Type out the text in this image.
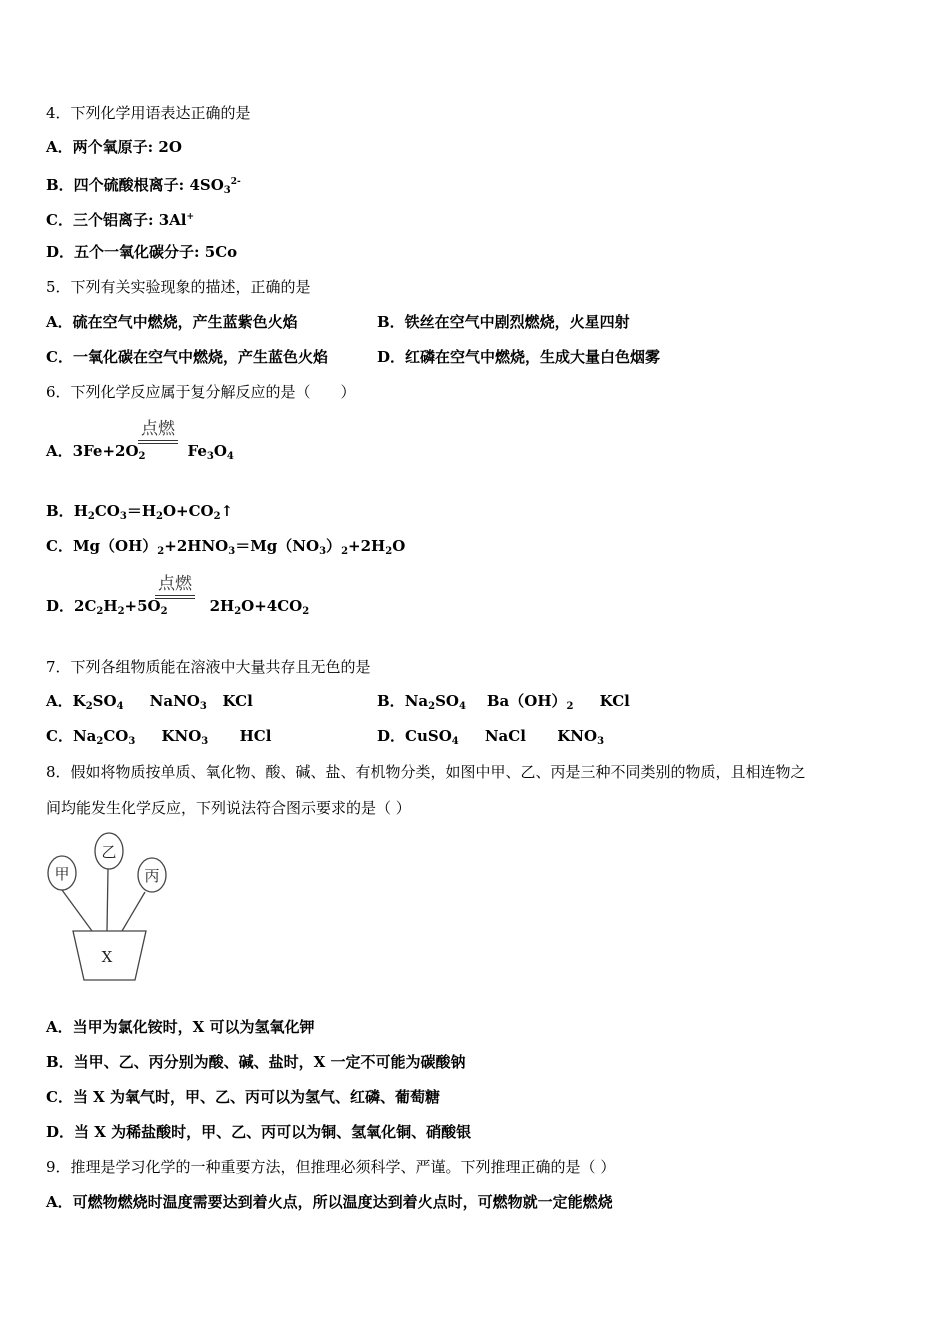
4．下列化学用语表达正确的是
A．两个氧原子: 2O
B．四个硫酸根离子: $4SO_3^{2-}$
C．三个铝离子: 3Al+
D．五个一氧化碳分子: 5Co
5．下列有关实验现象的描述，正确的是
A．硫在空气中燃烧，产生蓝紫色火焰	B．铁丝在空气中剧烈燃烧，火星四射
C．一氧化碳在空气中燃烧，产生蓝色火焰	D．红磷在空气中燃烧，生成大量白色烟雾
6．下列化学反应属于复分解反应的是（　　）
点燃
A．$3Fe+2O_2$	$Fe_3O_4$
B．$H_2CO_3=H_2O+CO_2↑$
C．$Mg(OH)_2+2HNO_3=Mg(NO_3)_2+2H_2O$
点燃
D．$2C_2H_2+5O_2$	$2H_2O+4CO_2$
7．下列各组物质能在溶液中大量共存且无色的是
A．$K_2SO_4$     NaNO$_3$   KCl	B．$Na_2SO_4$    $Ba(OH)_2$     KCl
C．$Na_2CO_3$     $KNO_3$      HCl	D．CuSO$_4$     NaCl      $KNO_3$
8．假如将物质按单质、氧化物、酸、碱、盐、有机物分类，如图中甲、乙、丙是三种不同类别的物质，且相连物之
间均能发生化学反应，下列说法符合图示要求的是（ ）
甲
乙
丙
X
A．当甲为氯化铵时，X 可以为氢氧化钾
B．当甲、乙、丙分别为酸、碱、盐时，X 一定不可能为碳酸钠
C．当 X 为氧气时，甲、乙、丙可以为氢气、红磷、葡萄糖
D．当 X 为稀盐酸时，甲、乙、丙可以为铜、氢氧化铜、硝酸银
9．推理是学习化学的一种重要方法，但推理必须科学、严谨。下列推理正确的是（ ）
A．可燃物燃烧时温度需要达到着火点，所以温度达到着火点时，可燃物就一定能燃烧
